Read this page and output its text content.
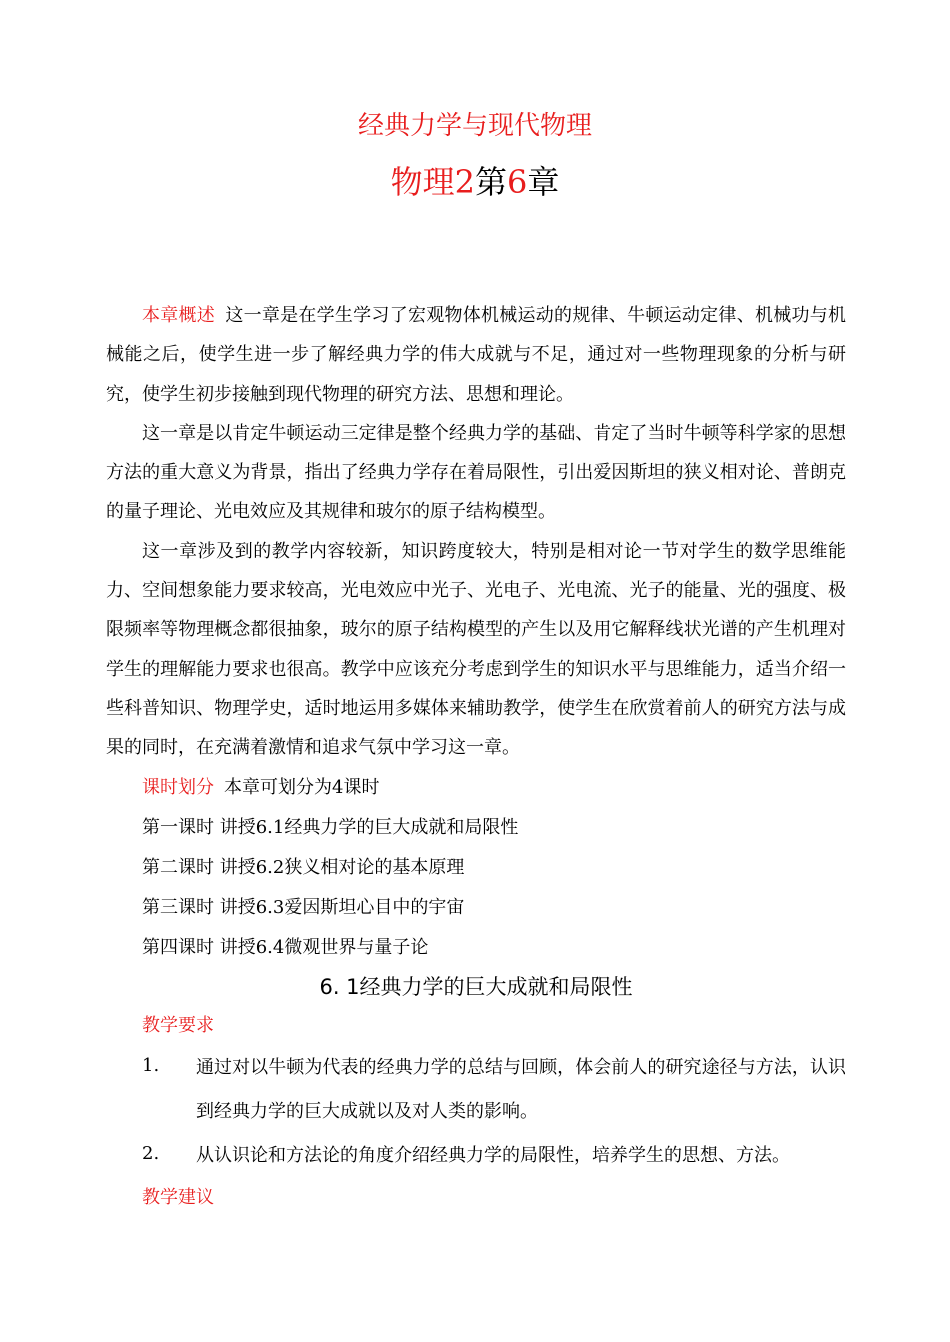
经典力学与现代物理
物理2第6章

本章概述 这一章是在学生学习了宏观物体机械运动的规律、牛顿运动定律、机械功与机械能之后，使学生进一步了解经典力学的伟大成就与不足，通过对一些物理现象的分析与研究，使学生初步接触到现代物理的研究方法、思想和理论。

这一章是以肯定牛顿运动三定律是整个经典力学的基础、肯定了当时牛顿等科学家的思想方法的重大意义为背景，指出了经典力学存在着局限性，引出爱因斯坦的狭义相对论、普朗克的量子理论、光电效应及其规律和玻尔的原子结构模型。

这一章涉及到的教学内容较新，知识跨度较大，特别是相对论一节对学生的数学思维能力、空间想象能力要求较高，光电效应中光子、光电子、光电流、光子的能量、光的强度、极限频率等物理概念都很抽象，玻尔的原子结构模型的产生以及用它解释线状光谱的产生机理对学生的理解能力要求也很高。教学中应该充分考虑到学生的知识水平与思维能力，适当介绍一些科普知识、物理学史，适时地运用多媒体来辅助教学，使学生在欣赏着前人的研究方法与成果的同时，在充满着激情和追求气氛中学习这一章。

课时划分 本章可划分为4课时

第一课时 讲授6.1经典力学的巨大成就和局限性

第二课时 讲授6.2狭义相对论的基本原理

第三课时 讲授6.3爱因斯坦心目中的宇宙

第四课时 讲授6.4微观世界与量子论

6. 1经典力学的巨大成就和局限性

教学要求

1.	通过对以牛顿为代表的经典力学的总结与回顾，体会前人的研究途径与方法，认识到经典力学的巨大成就以及对人类的影响。
2.	从认识论和方法论的角度介绍经典力学的局限性，培养学生的思想、方法。

教学建议
